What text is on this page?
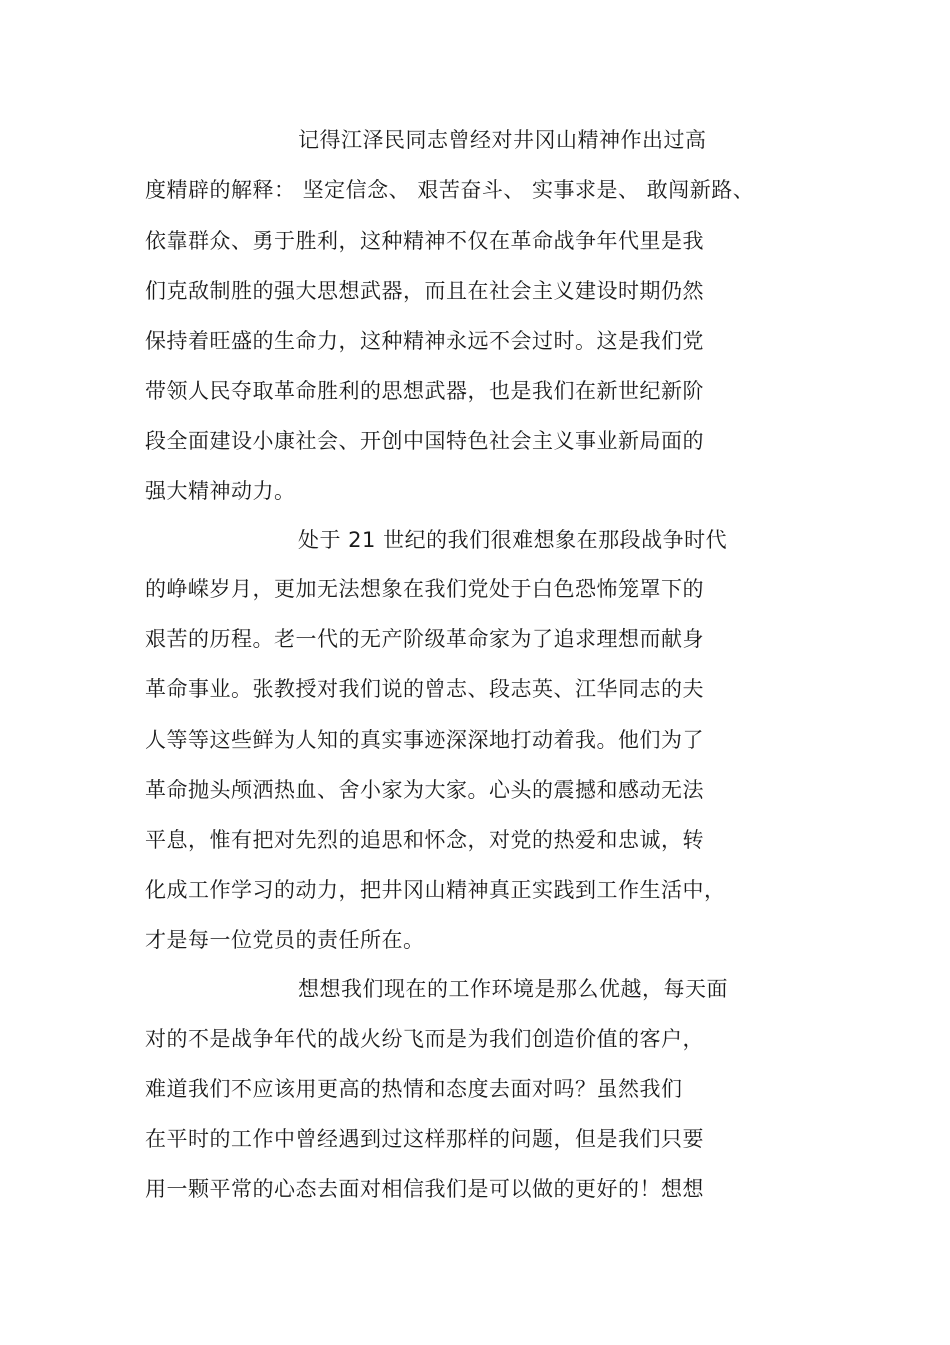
记得江泽民同志曾经对井冈山精神作出过高
度精辟的解释： 坚定信念、 艰苦奋斗、 实事求是、 敢闯新路、
依靠群众、勇于胜利，这种精神不仅在革命战争年代里是我
们克敌制胜的强大思想武器，而且在社会主义建设时期仍然
保持着旺盛的生命力，这种精神永远不会过时。这是我们党
带领人民夺取革命胜利的思想武器，也是我们在新世纪新阶
段全面建设小康社会、开创中国特色社会主义事业新局面的
强大精神动力。
处于 21 世纪的我们很难想象在那段战争时代
的峥嵘岁月，更加无法想象在我们党处于白色恐怖笼罩下的
艰苦的历程。老一代的无产阶级革命家为了追求理想而献身
革命事业。张教授对我们说的曾志、段志英、江华同志的夫
人等等这些鲜为人知的真实事迹深深地打动着我。他们为了
革命抛头颅洒热血、舍小家为大家。心头的震撼和感动无法
平息，惟有把对先烈的追思和怀念，对党的热爱和忠诚，转
化成工作学习的动力，把井冈山精神真正实践到工作生活中，
才是每一位党员的责任所在。
想想我们现在的工作环境是那么优越，每天面
对的不是战争年代的战火纷飞而是为我们创造价值的客户，
难道我们不应该用更高的热情和态度去面对吗？虽然我们
在平时的工作中曾经遇到过这样那样的问题，但是我们只要
用一颗平常的心态去面对相信我们是可以做的更好的！想想
